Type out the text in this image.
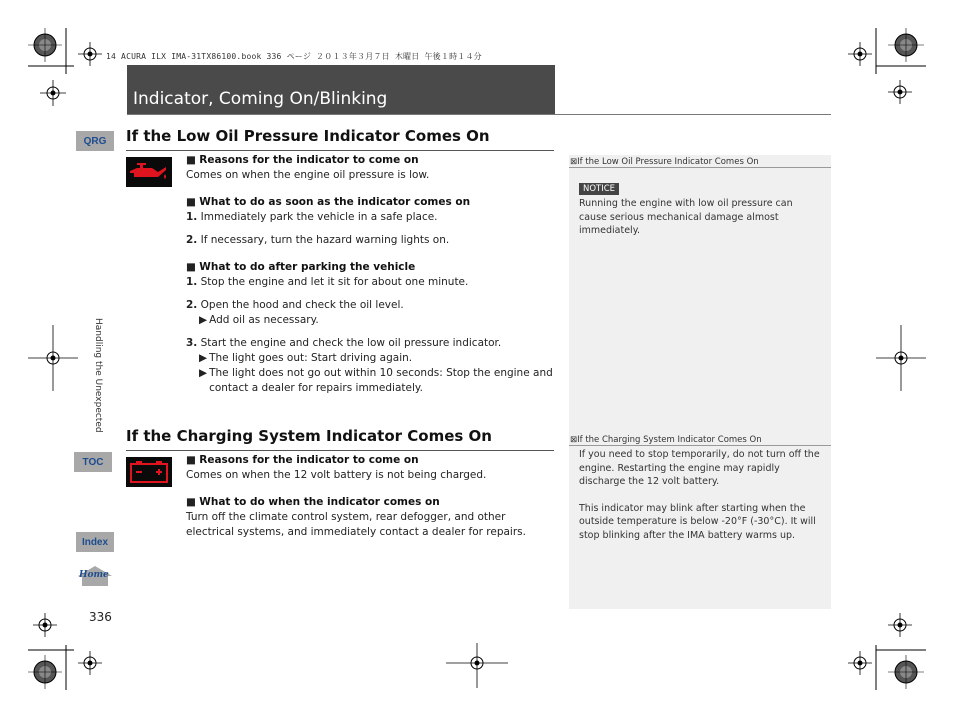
14 ACURA ILX IMA-31TX86100.book 336 ページ ２０１３年３月７日 木曜日 午後１時１４分
Indicator, Coming On/Blinking
QRG
Handling the Unexpected
TOC
Index
Home
336
If the Low Oil Pressure Indicator Comes On
■ Reasons for the indicator to come on
Comes on when the engine oil pressure is low.
■ What to do as soon as the indicator comes on
1. Immediately park the vehicle in a safe place.
2. If necessary, turn the hazard warning lights on.
■ What to do after parking the vehicle
1. Stop the engine and let it sit for about one minute.
2. Open the hood and check the oil level.
▶ Add oil as necessary.
3. Start the engine and check the low oil pressure indicator.
▶ The light goes out: Start driving again.
▶ The light does not go out within 10 seconds: Stop the engine and contact a dealer for repairs immediately.
⊠If the Low Oil Pressure Indicator Comes On
NOTICE
Running the engine with low oil pressure can cause serious mechanical damage almost immediately.
If the Charging System Indicator Comes On
■ Reasons for the indicator to come on
Comes on when the 12 volt battery is not being charged.
■ What to do when the indicator comes on
Turn off the climate control system, rear defogger, and other electrical systems, and immediately contact a dealer for repairs.
⊠If the Charging System Indicator Comes On
If you need to stop temporarily, do not turn off the engine. Restarting the engine may rapidly discharge the 12 volt battery.
This indicator may blink after starting when the outside temperature is below -20°F (-30°C). It will stop blinking after the IMA battery warms up.
